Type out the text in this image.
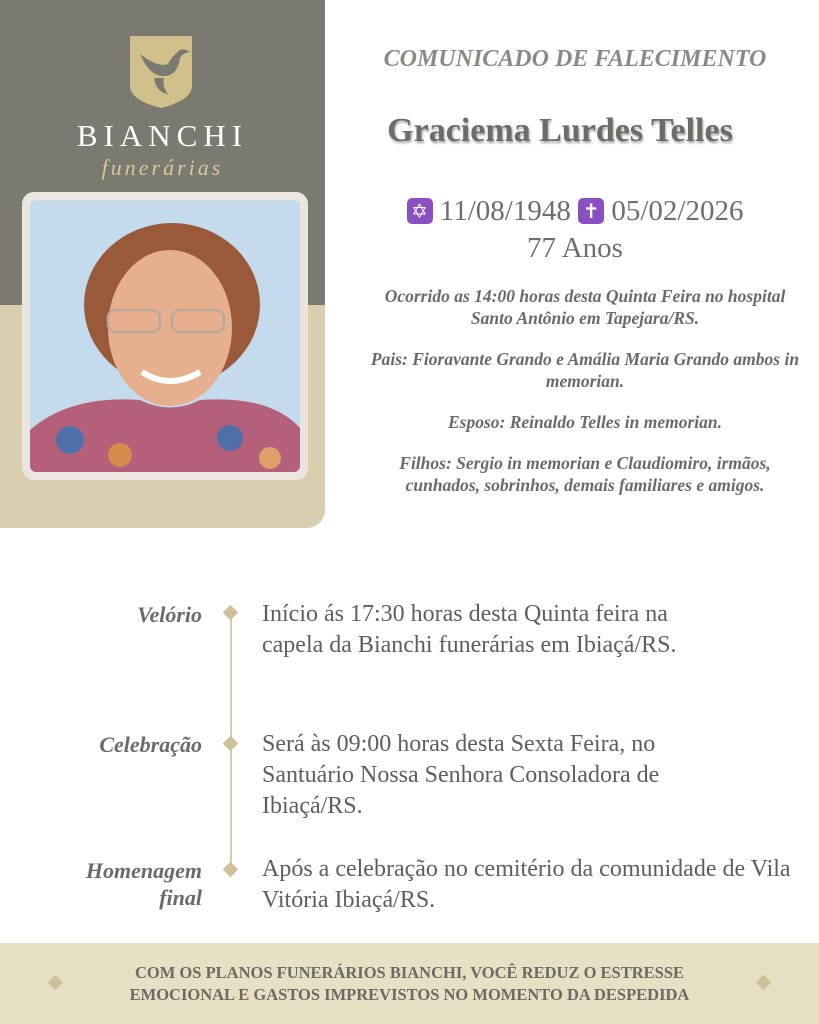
BIANCHI
funerárias
COMUNICADO DE FALECIMENTO
Graciema Lurdes Telles
✡ 11/08/1948 ✝ 05/02/2026
77 Anos

Ocorrido as 14:00 horas desta Quinta Feira no hospital Santo Antônio em Tapejara/RS.

Pais: Fioravante Grando e Amália Maria Grando ambos in memorian.

Esposo: Reinaldo Telles in memorian.

Filhos: Sergio in memorian e Claudiomiro, irmãos, cunhados, sobrinhos, demais familiares e amigos.

Velório	Início ás 17:30 horas desta Quinta feira na capela da Bianchi funerárias em Ibiaçá/RS.
Celebração	Será às 09:00 horas desta Sexta Feira, no Santuário Nossa Senhora Consoladora de Ibiaçá/RS.
Homenagem
final
Após a celebração no cemitério da comunidade de Vila Vitória Ibiaçá/RS.
COM OS PLANOS FUNERÁRIOS BIANCHI, VOCÊ REDUZ O ESTRESSE
EMOCIONAL E GASTOS IMPREVISTOS NO MOMENTO DA DESPEDIDA
